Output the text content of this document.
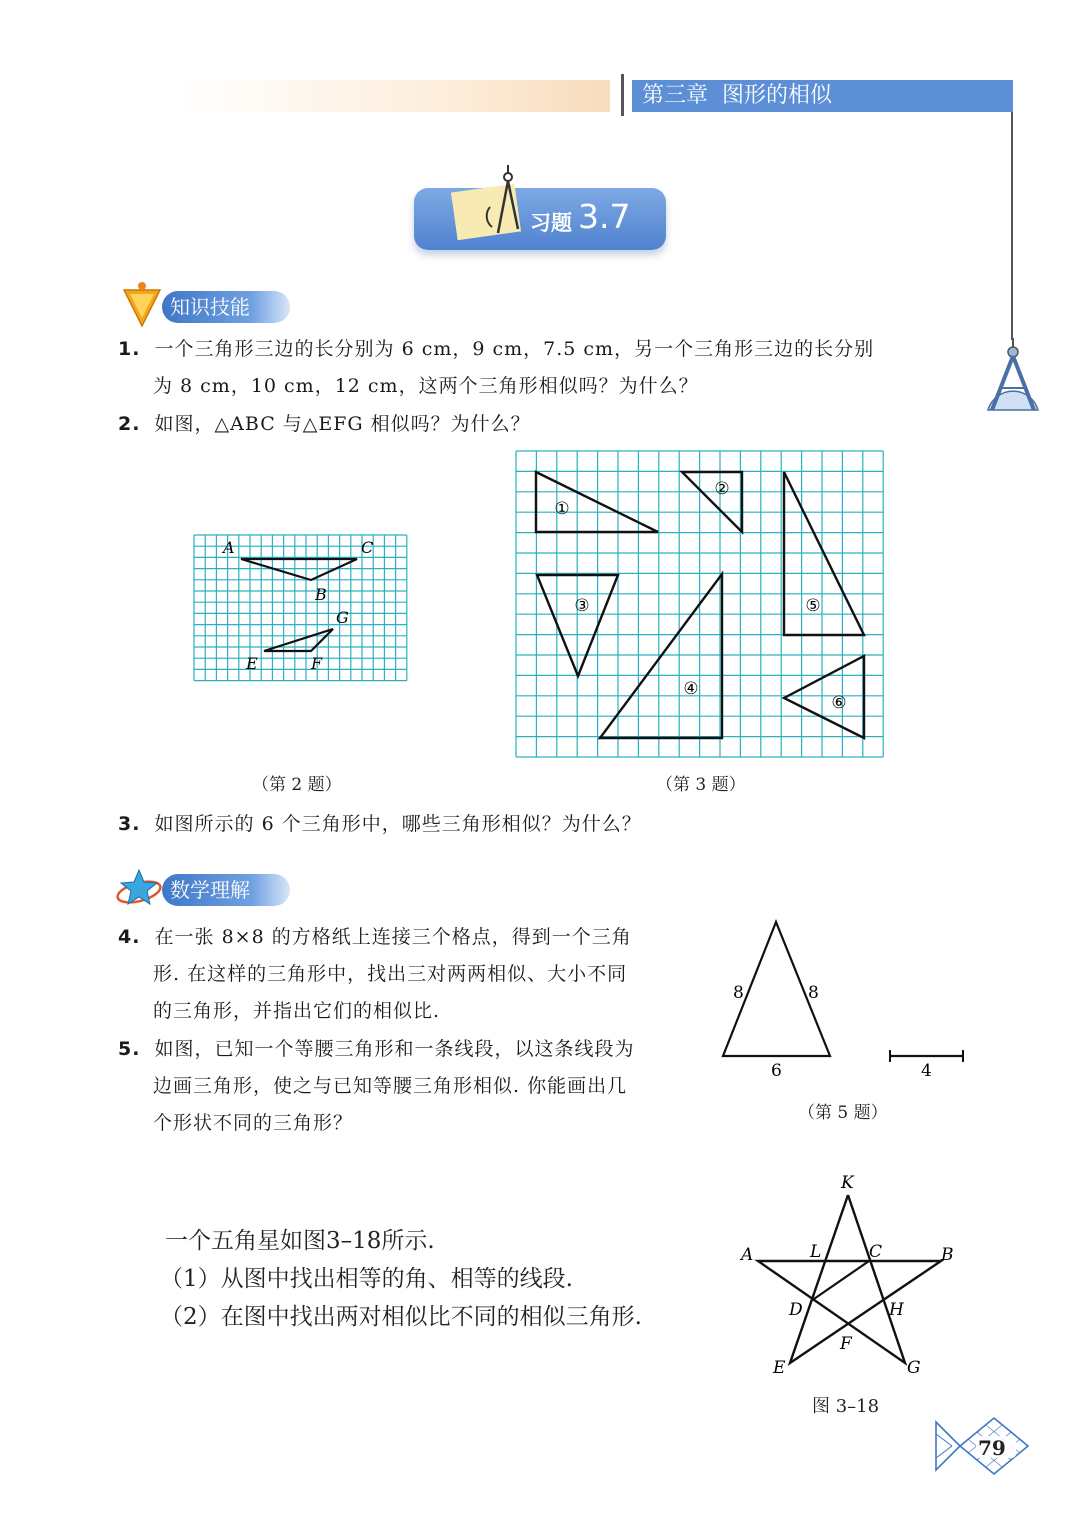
第三章 图形的相似
习题 3.7
知识技能
1. 一个三角形三边的长分别为 6 cm，9 cm，7.5 cm，另一个三角形三边的长分别
为 8 cm，10 cm，12 cm，这两个三角形相似吗？为什么？
2. 如图，△ABC 与△EFG 相似吗？为什么？
A	C
B
G
E	F
（第 2 题）
①
②
③
④
⑤
⑥
（第 3 题）
3. 如图所示的 6 个三角形中，哪些三角形相似？为什么？
数学理解
4. 在一张 8×8 的方格纸上连接三个格点，得到一个三角
形. 在这样的三角形中，找出三对两两相似、大小不同
的三角形，并指出它们的相似比.
5. 如图，已知一个等腰三角形和一条线段，以这条线段为
边画三角形，使之与已知等腰三角形相似. 你能画出几
个形状不同的三角形？
8	8
6	4
（第 5 题）
一个五角星如图3–18所示.
（1）从图中找出相等的角、相等的线段.
（2）在图中找出两对相似比不同的相似三角形.
K
A	L	C	B
D	H
F
E	G
图 3–18
79
